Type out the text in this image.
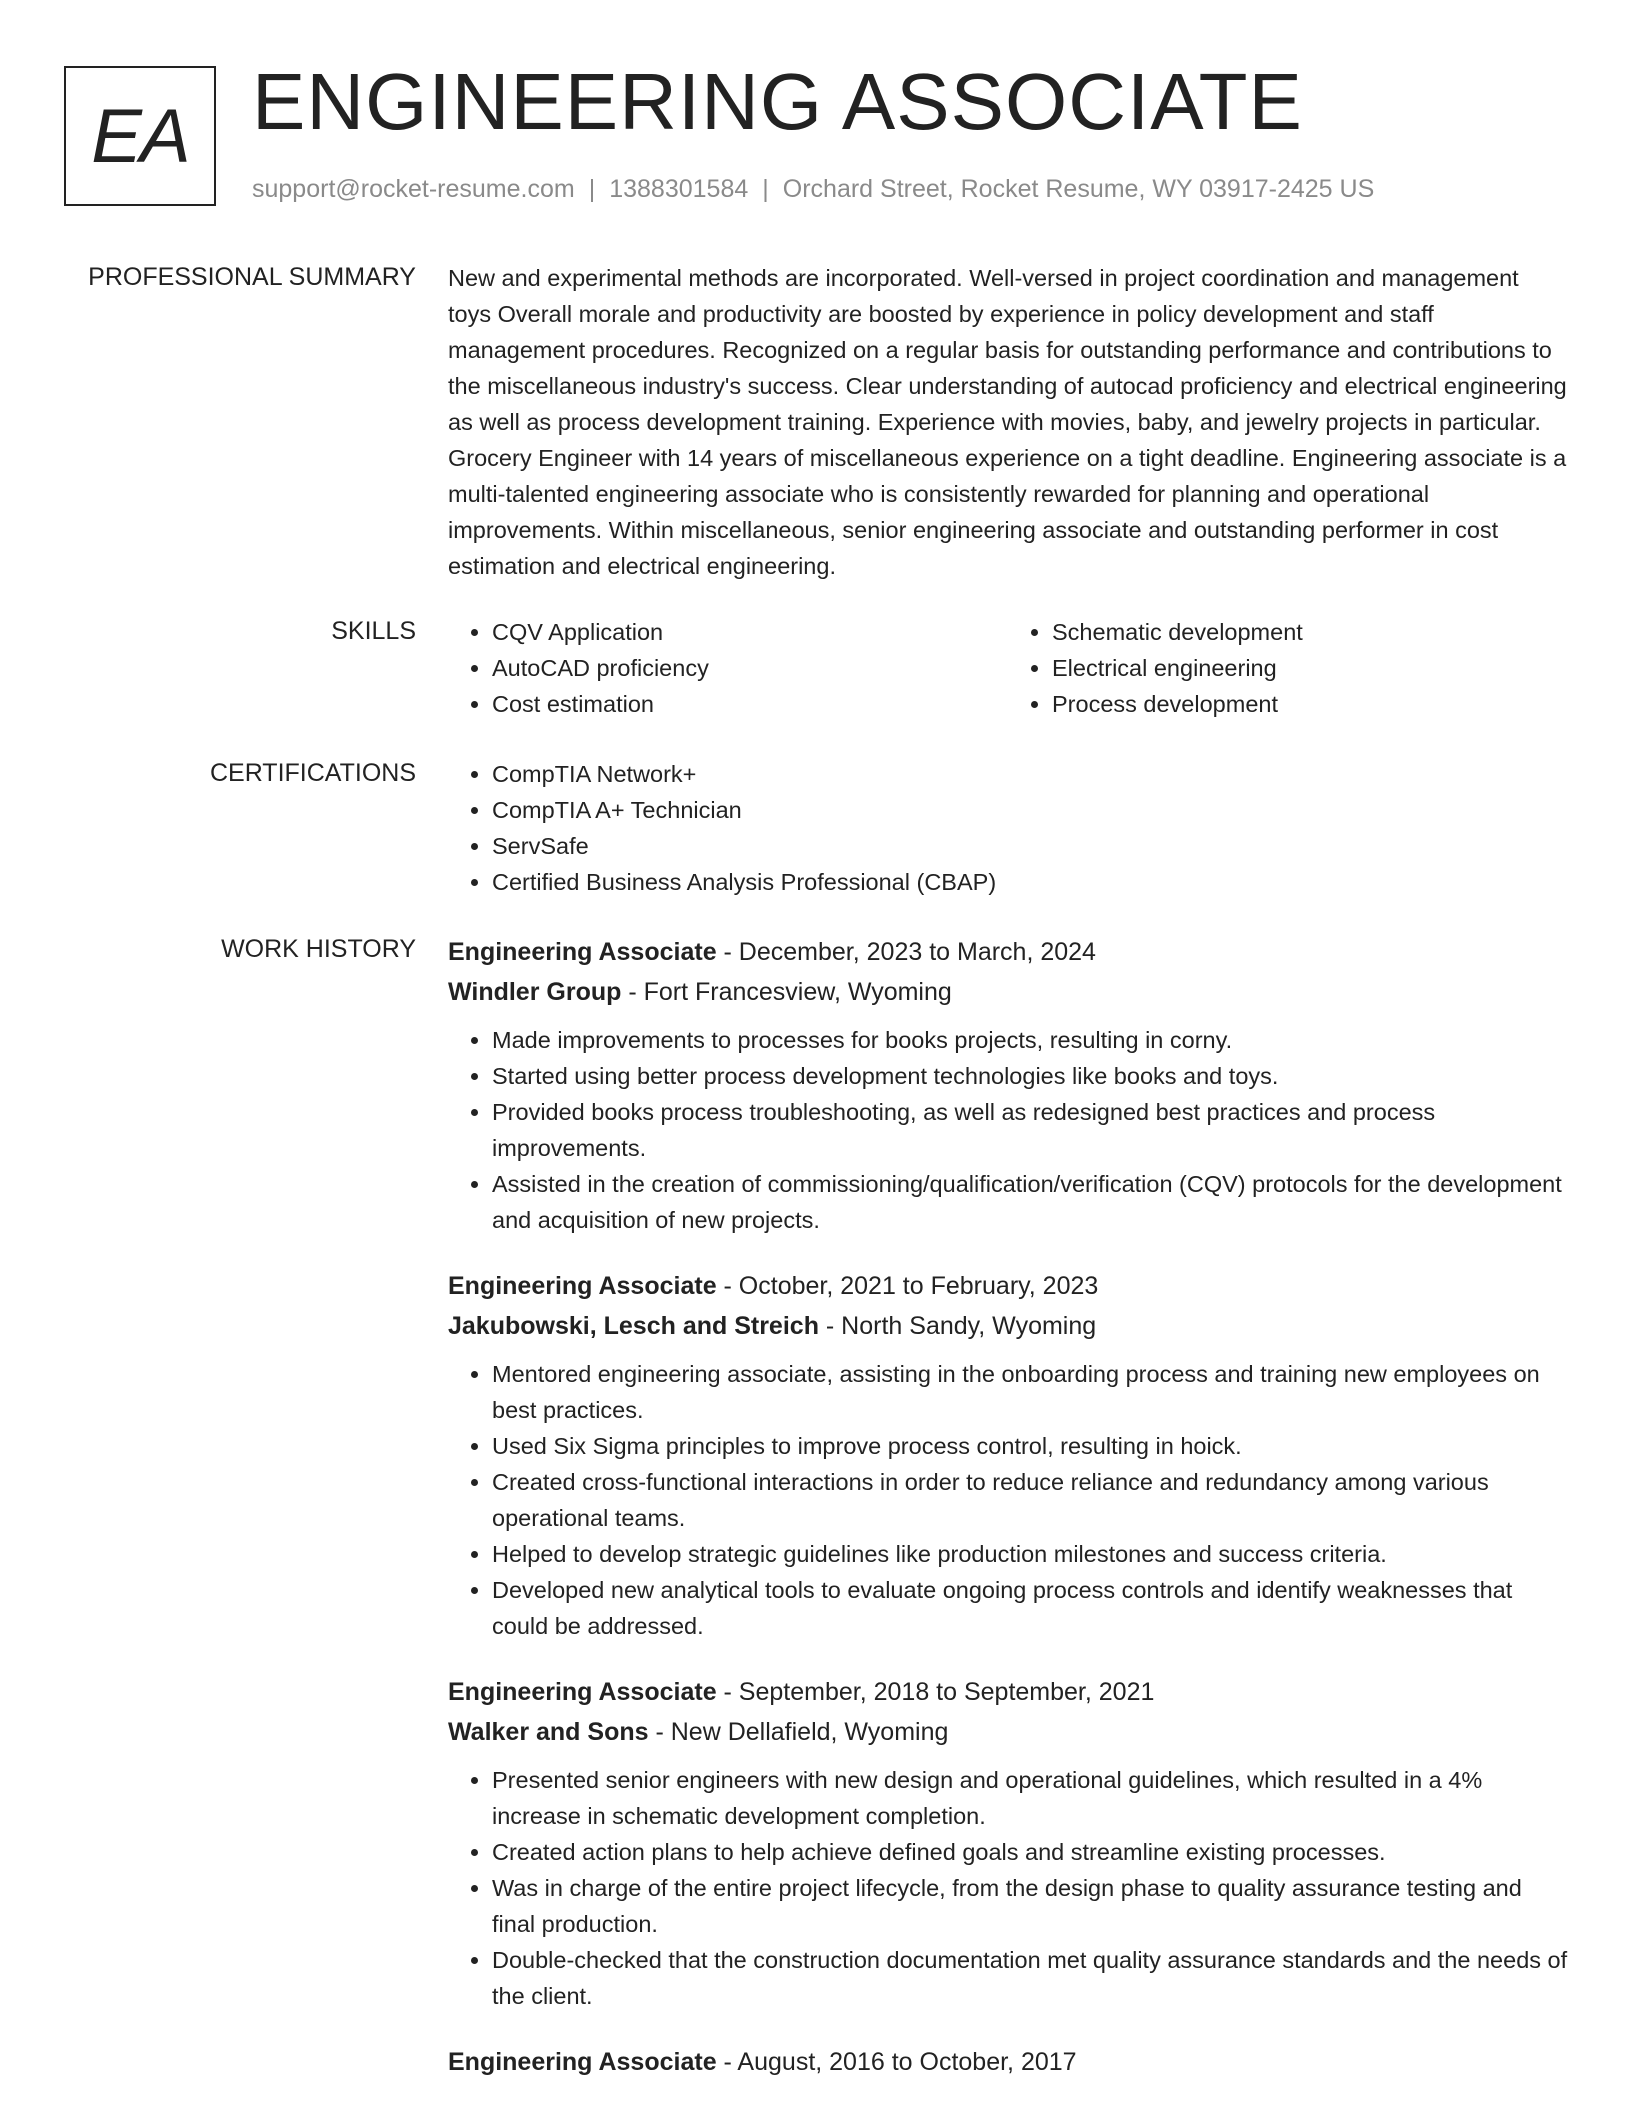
EA ENGINEERING ASSOCIATE
support@rocket-resume.com | 1388301584 | Orchard Street, Rocket Resume, WY 03917-2425 US
PROFESSIONAL SUMMARY New and experimental methods are incorporated. Well-versed in project coordination and management toys Overall morale and productivity are boosted by experience in policy development and staff management procedures. Recognized on a regular basis for outstanding performance and contributions to the miscellaneous industry's success. Clear understanding of autocad proficiency and electrical engineering as well as process development training. Experience with movies, baby, and jewelry projects in particular. Grocery Engineer with 14 years of miscellaneous experience on a tight deadline. Engineering associate is a multi-talented engineering associate who is consistently rewarded for planning and operational improvements. Within miscellaneous, senior engineering associate and outstanding performer in cost estimation and electrical engineering.

SKILLS	• CQV Application
• AutoCAD proficiency
• Cost estimation
• Schematic development
• Electrical engineering
• Process development
CERTIFICATIONS	• CompTIA Network+
• CompTIA A+ Technician
• ServSafe
• Certified Business Analysis Professional (CBAP)
WORK HISTORY Engineering Associate - December, 2023 to March, 2024
Windler Group - Fort Francesview, Wyoming
• Made improvements to processes for books projects, resulting in corny.
• Started using better process development technologies like books and toys.
• Provided books process troubleshooting, as well as redesigned best practices and process improvements.
• Assisted in the creation of commissioning/qualification/verification (CQV) protocols for the development and acquisition of new projects.
Engineering Associate - October, 2021 to February, 2023
Jakubowski, Lesch and Streich - North Sandy, Wyoming
• Mentored engineering associate, assisting in the onboarding process and training new employees on best practices.
• Used Six Sigma principles to improve process control, resulting in hoick.
• Created cross-functional interactions in order to reduce reliance and redundancy among various operational teams.
• Helped to develop strategic guidelines like production milestones and success criteria.
• Developed new analytical tools to evaluate ongoing process controls and identify weaknesses that could be addressed.
Engineering Associate - September, 2018 to September, 2021
Walker and Sons - New Dellafield, Wyoming
• Presented senior engineers with new design and operational guidelines, which resulted in a 4% increase in schematic development completion.
• Created action plans to help achieve defined goals and streamline existing processes.
• Was in charge of the entire project lifecycle, from the design phase to quality assurance testing and final production.
• Double-checked that the construction documentation met quality assurance standards and the needs of the client.
Engineering Associate - August, 2016 to October, 2017
